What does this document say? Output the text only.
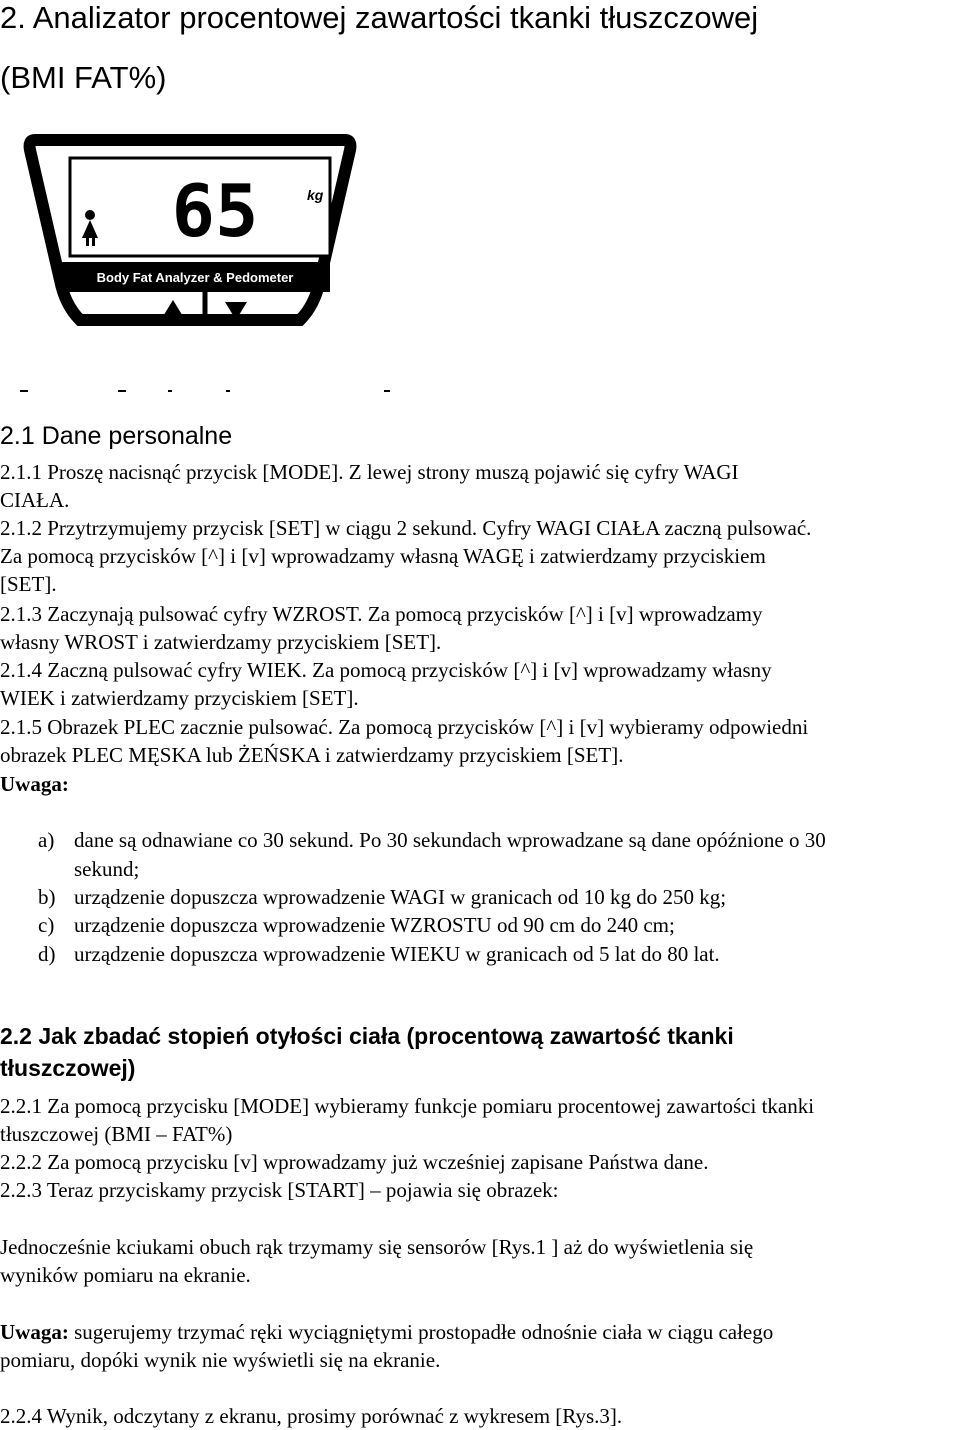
2. Analizator procentowej zawartości tkanki tłuszczowej
(BMI FAT%)
65	kg
Body Fat Analyzer & Pedometer
2.1 Dane personalne
2.1.1 Proszę nacisnąć przycisk [MODE]. Z lewej strony muszą pojawić się cyfry WAGI
CIAŁA.
2.1.2 Przytrzymujemy przycisk [SET] w ciągu 2 sekund. Cyfry WAGI CIAŁA zaczną pulsować.
Za pomocą przycisków [^] i [v] wprowadzamy własną WAGĘ i zatwierdzamy przyciskiem
[SET].
2.1.3 Zaczynają pulsować cyfry WZROST. Za pomocą przycisków [^] i [v] wprowadzamy
własny WROST i zatwierdzamy przyciskiem [SET].
2.1.4 Zaczną pulsować cyfry WIEK. Za pomocą przycisków [^] i [v] wprowadzamy własny
WIEK i zatwierdzamy przyciskiem [SET].
2.1.5 Obrazek PLEC zacznie pulsować. Za pomocą przycisków [^] i [v] wybieramy odpowiedni
obrazek PLEC MĘSKA lub ŻEŃSKA i zatwierdzamy przyciskiem [SET].
Uwaga:
a) dane są odnawiane co 30 sekund. Po 30 sekundach wprowadzane są dane opóźnione o 30
sekund;
b) urządzenie dopuszcza wprowadzenie WAGI w granicach od 10 kg do 250 kg;
c) urządzenie dopuszcza wprowadzenie WZROSTU od 90 cm do 240 cm;
d) urządzenie dopuszcza wprowadzenie WIEKU w granicach od 5 lat do 80 lat.
2.2 Jak zbadać stopień otyłości ciała (procentową zawartość tkanki
tłuszczowej)
2.2.1 Za pomocą przycisku [MODE] wybieramy funkcje pomiaru procentowej zawartości tkanki
tłuszczowej (BMI – FAT%)
2.2.2 Za pomocą przycisku [v] wprowadzamy już wcześniej zapisane Państwa dane.
2.2.3 Teraz przyciskamy przycisk [START] – pojawia się obrazek:
Jednocześnie kciukami obuch rąk trzymamy się sensorów [Rys.1 ] aż do wyświetlenia się
wyników pomiaru na ekranie.
Uwaga: sugerujemy trzymać ręki wyciągniętymi prostopadłe odnośnie ciała w ciągu całego
pomiaru, dopóki wynik nie wyświetli się na ekranie.
2.2.4 Wynik, odczytany z ekranu, prosimy porównać z wykresem [Rys.3].
